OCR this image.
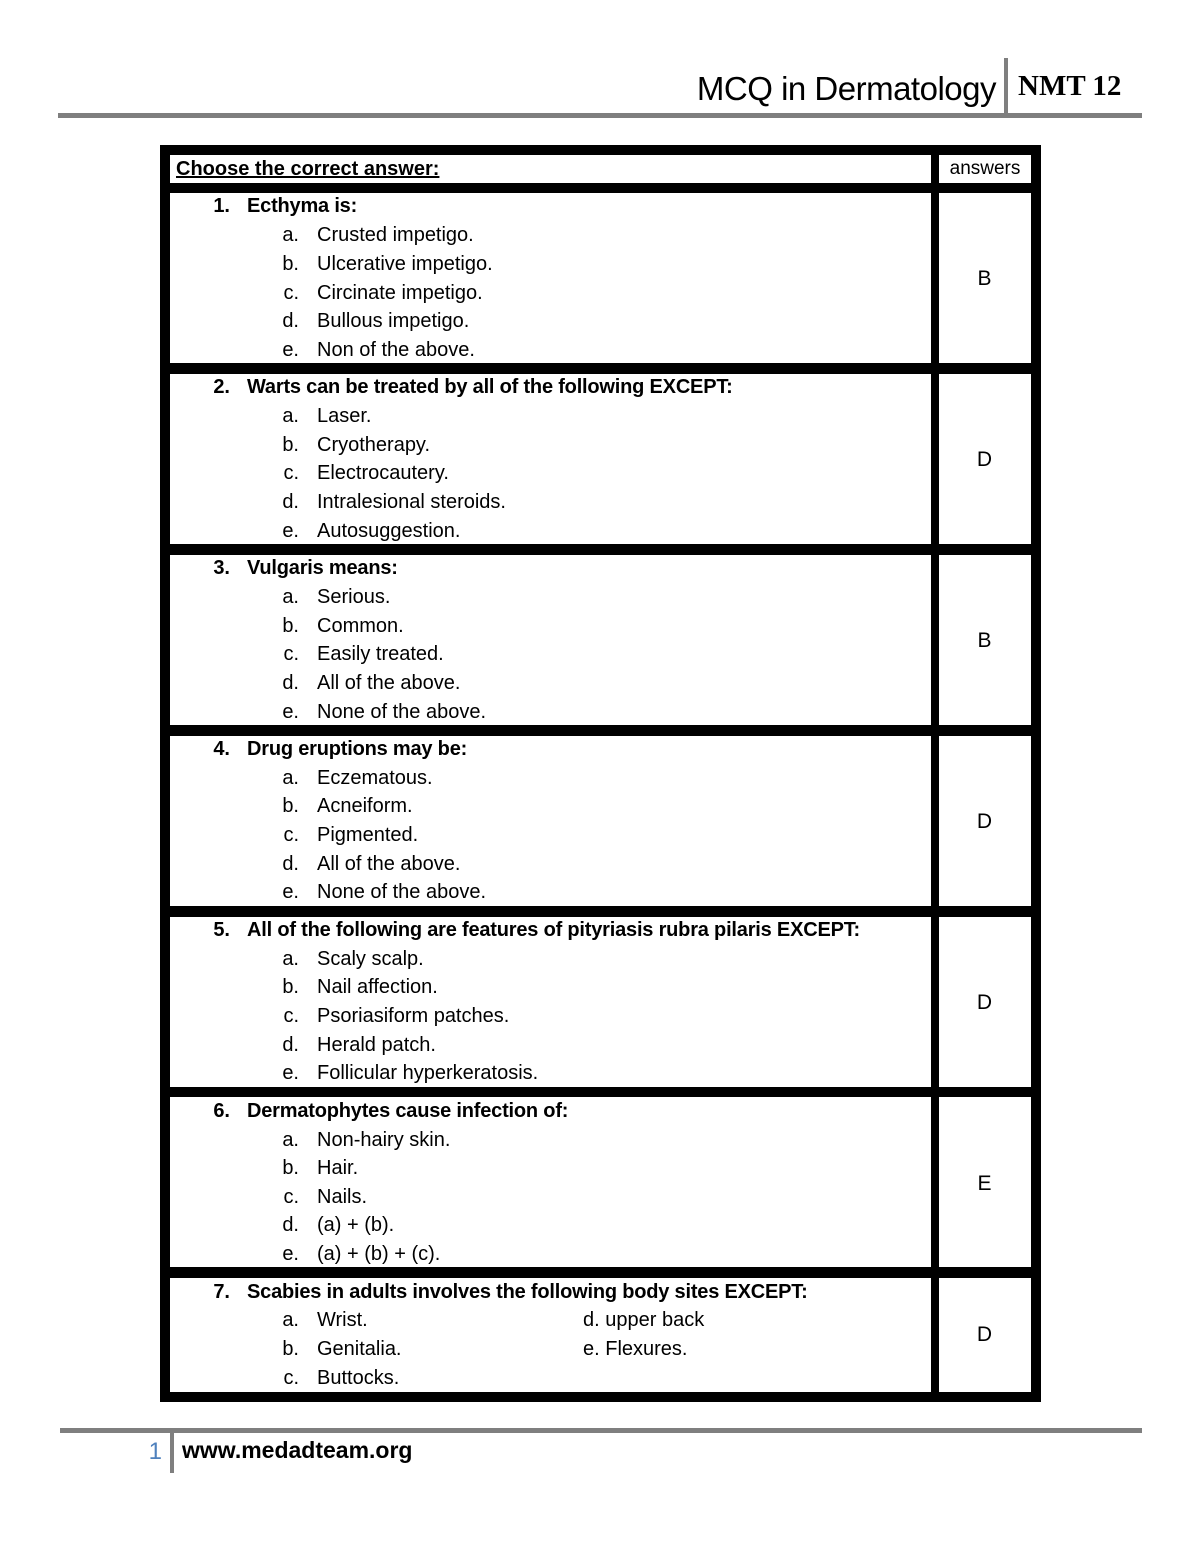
MCQ in Dermatology NMT 12
Choose the correct answer:	answers
1. Ecthyma is:
a. Crusted impetigo.
b. Ulcerative impetigo.
c. Circinate impetigo.
d. Bullous impetigo.
e. Non of the above.
B
2. Warts can be treated by all of the following EXCEPT:
a. Laser.
b. Cryotherapy.
c. Electrocautery.
d. Intralesional steroids.
e. Autosuggestion.
D
3. Vulgaris means:
a. Serious.
b. Common.
c. Easily treated.
d. All of the above.
e. None of the above.
B
4. Drug eruptions may be:
a. Eczematous.
b. Acneiform.
c. Pigmented.
d. All of the above.
e. None of the above.
D
5. All of the following are features of pityriasis rubra pilaris EXCEPT:
a. Scaly scalp.
b. Nail affection.
c. Psoriasiform patches.
d. Herald patch.
e. Follicular hyperkeratosis.
D
6. Dermatophytes cause infection of:
a. Non-hairy skin.
b. Hair.
c. Nails.
d. (a) + (b).
e. (a) + (b) + (c).
E
7. Scabies in adults involves the following body sites EXCEPT:
a. Wrist.
b. Genitalia.
c. Buttocks.
d. upper back
e. Flexures.
D
1 www.medadteam.org
